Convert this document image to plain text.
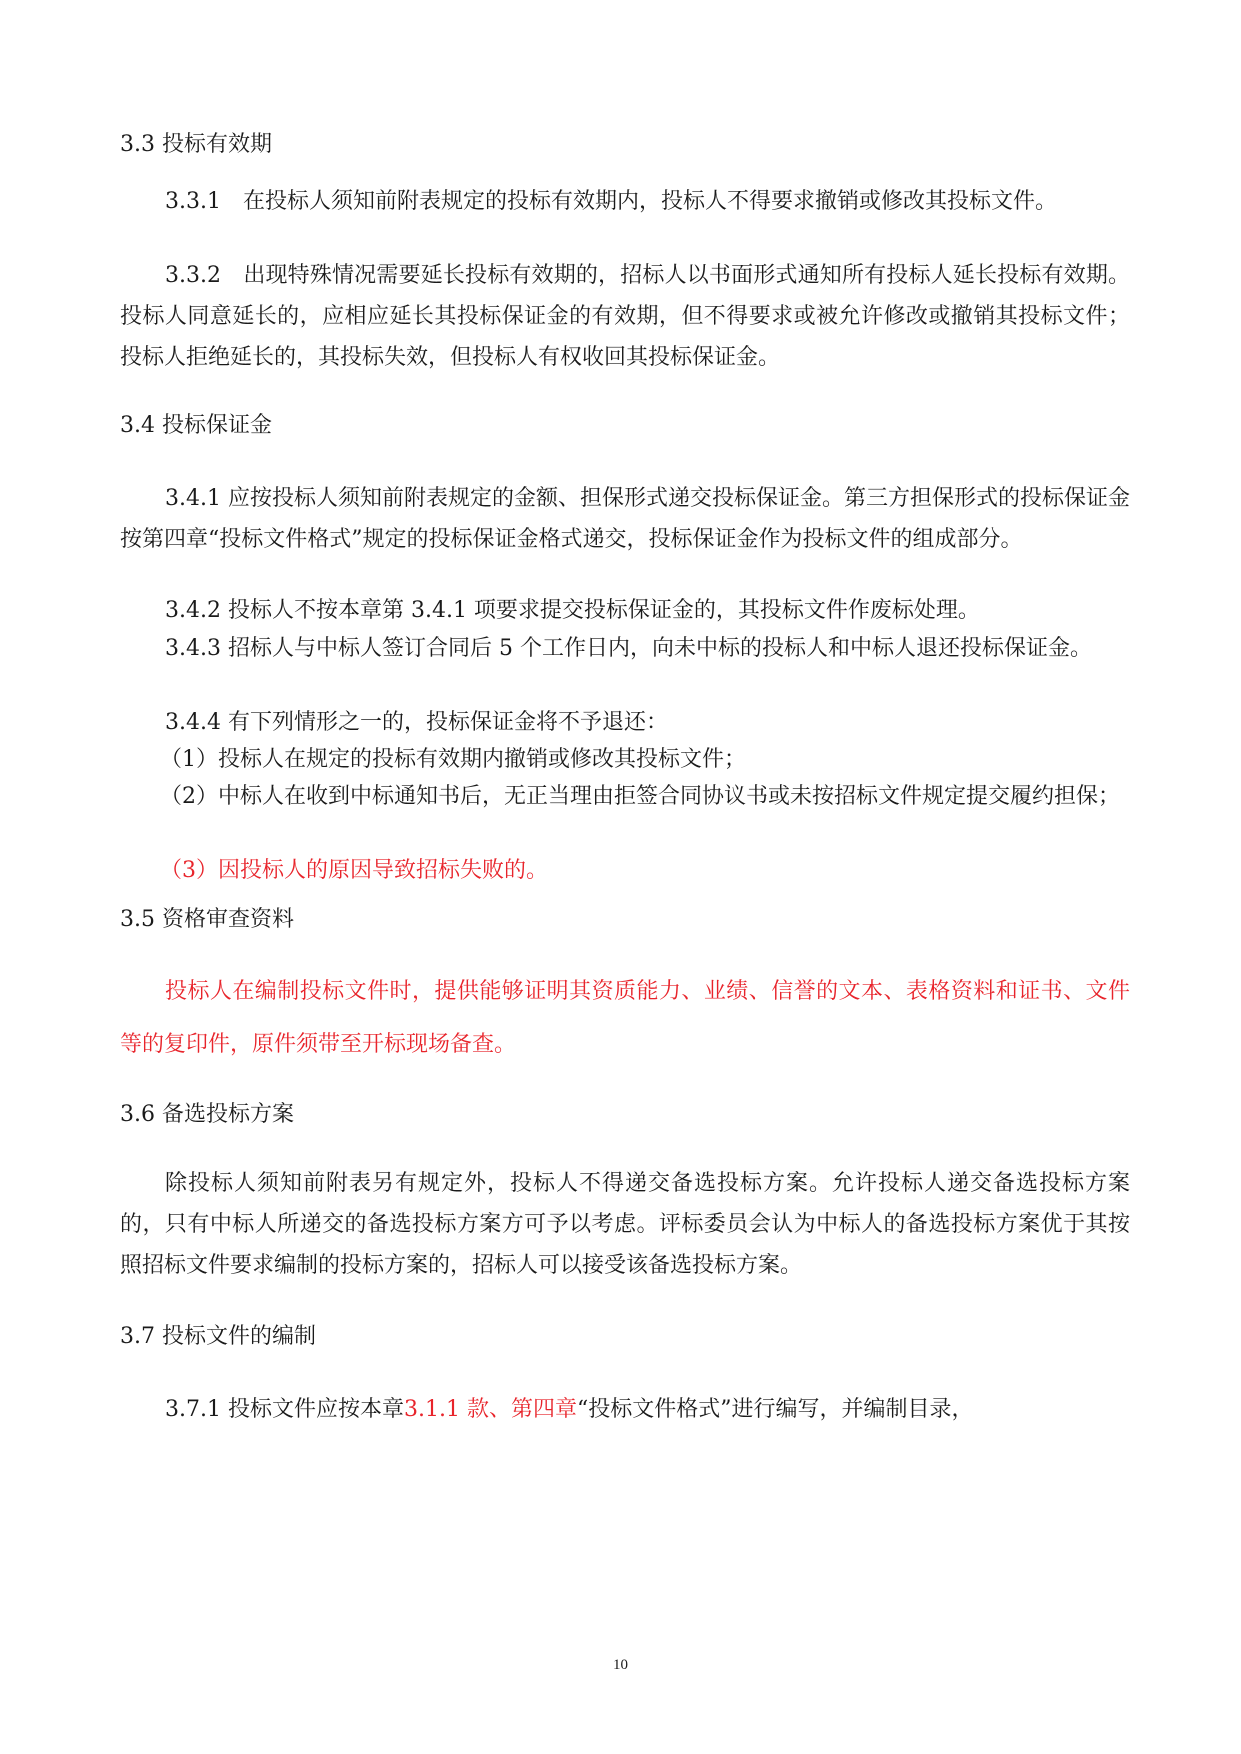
3.3 投标有效期

3.3.1　在投标人须知前附表规定的投标有效期内，投标人不得要求撤销或修改其投标文件。

3.3.2　出现特殊情况需要延长投标有效期的，招标人以书面形式通知所有投标人延长投标有效期。投标人同意延长的，应相应延长其投标保证金的有效期，但不得要求或被允许修改或撤销其投标文件；投标人拒绝延长的，其投标失效，但投标人有权收回其投标保证金。

3.4 投标保证金

3.4.1 应按投标人须知前附表规定的金额、担保形式递交投标保证金。第三方担保形式的投标保证金按第四章“投标文件格式”规定的投标保证金格式递交，投标保证金作为投标文件的组成部分。

3.4.2 投标人不按本章第 3.4.1 项要求提交投标保证金的，其投标文件作废标处理。

3.4.3 招标人与中标人签订合同后 5 个工作日内，向未中标的投标人和中标人退还投标保证金。

3.4.4 有下列情形之一的，投标保证金将不予退还：

（1）投标人在规定的投标有效期内撤销或修改其投标文件；

（2）中标人在收到中标通知书后，无正当理由拒签合同协议书或未按招标文件规定提交履约担保；

（3）因投标人的原因导致招标失败的。

3.5 资格审查资料

投标人在编制投标文件时，提供能够证明其资质能力、业绩、信誉的文本、表格资料和证书、文件等的复印件，原件须带至开标现场备查。

3.6 备选投标方案

除投标人须知前附表另有规定外，投标人不得递交备选投标方案。允许投标人递交备选投标方案的，只有中标人所递交的备选投标方案方可予以考虑。评标委员会认为中标人的备选投标方案优于其按照招标文件要求编制的投标方案的，招标人可以接受该备选投标方案。

3.7 投标文件的编制

3.7.1 投标文件应按本章3.1.1 款、第四章“投标文件格式”进行编写，并编制目录，

10
